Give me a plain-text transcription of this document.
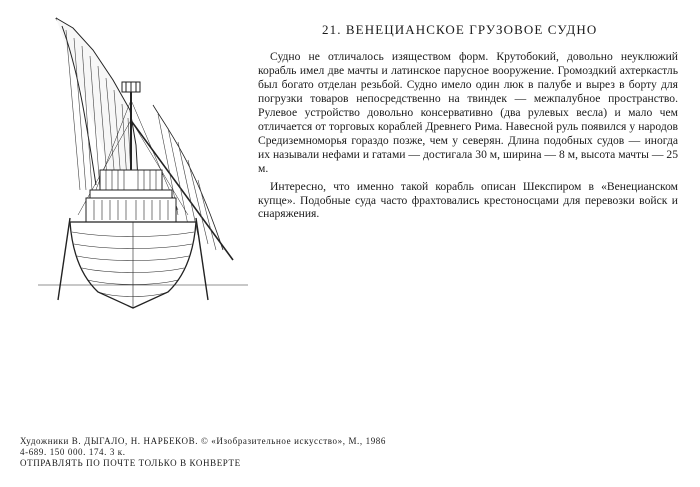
21. ВЕНЕЦИАНСКОЕ ГРУЗОВОЕ СУДНО

Судно не отличалось изяществом форм. Крутобокий, довольно неуклюжий корабль имел две мачты и латинское парусное вооружение. Громоздкий ахтеркастль был богато отделан резьбой. Судно имело один люк в палубе и вырез в борту для погрузки товаров непосредственно на твиндек — межпалубное пространство. Рулевое устройство довольно консервативно (два рулевых весла) и мало чем отличается от торговых кораблей Древнего Рима. Навесной руль появился у народов Средиземноморья гораздо позже, чем у северян. Длина подобных судов — иногда их называли нефами и гатами — достигала 30 м, ширина — 8 м, высота мачты — 25 м.

Интересно, что именно такой корабль описан Шекспиром в «Венецианском купце». Подобные суда часто фрахтовались крестоносцами для перевозки войск и снаряжения.

Художники В. ДЫГАЛО, Н. НАРБЕКОВ. © «Изобразительное искусство», М., 1986
4-689. 150 000. 174. 3 к.
ОТПРАВЛЯТЬ ПО ПОЧТЕ ТОЛЬКО В КОНВЕРТЕ
